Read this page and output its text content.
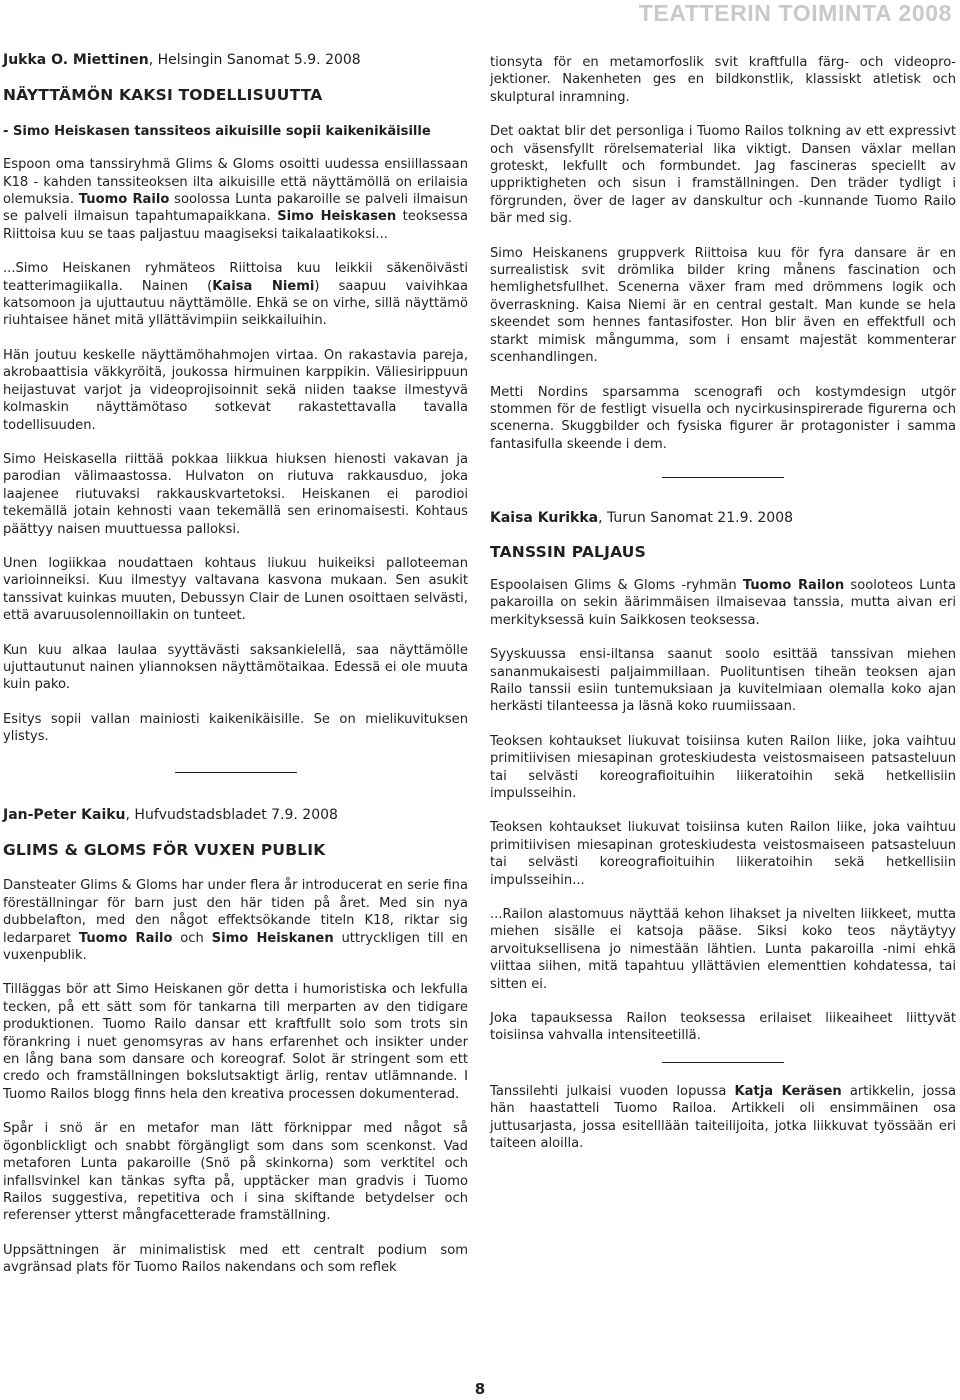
TEATTERIN TOIMINTA 2008

Jukka O. Miettinen, Helsingin Sanomat 5.9. 2008

NÄYTTÄMÖN KAKSI TODELLISUUTTA
- Simo Heiskasen tanssiteos aikuisille sopii kaikenikäisille

Espoon oma tanssiryhmä Glims & Gloms osoitti uudessa ensiillassaan K18 - kahden tanssiteoksen ilta aikuisille että näyttämöllä on erilaisia olemuksia. Tuomo Railo soolossa Lunta pakaroille se palveli ilmaisun se palveli ilmaisun tapahtumapaikkana. Simo Heiskasen teoksessa Riittoisa kuu se taas paljastuu maagiseksi taikalaatikoksi...

...Simo Heiskanen ryhmäteos Riittoisa kuu leikkii säkenöivästi teatterimagiikalla. Nainen (Kaisa Niemi) saapuu vaivihkaa katsomoon ja ujuttautuu näyttämölle. Ehkä se on virhe, sillä näyttämö riuhtaisee hänet mitä yllättävimpiin seikkailuihin.

Hän joutuu keskelle näyttämöhahmojen virtaa. On rakastavia pareja, akrobaattisia väkkyröitä, joukossa hirmuinen karppikin. Väliesirippuun heijastuvat varjot ja videoprojisoinnit sekä niiden taakse ilmestyvä kolmaskin näyttämötaso sotkevat rakastettavalla tavalla todellisuuden.

Simo Heiskasella riittää pokkaa liikkua hiuksen hienosti vakavan ja parodian välimaastossa. Hulvaton on riutuva rakkausduo, joka laajenee riutuvaksi rakkauskvartetoksi. Heiskanen ei parodioi tekemällä jotain kehnosti vaan tekemällä sen erinomaisesti. Kohtaus päättyy naisen muuttuessa palloksi.

Unen logiikkaa noudattaen kohtaus liukuu huikeiksi palloteеman varioinneiksi. Kuu ilmestyy valtavana kasvona mukaan. Sen asukit tanssivat kuinkas muuten, Debussyn Clair de Lunen osoittaen selvästi, että avaruusolennoillakin on tunteet.

Kun kuu alkaa laulaa syyttävästi saksankielellä, saa näyttämölle ujuttautunut nainen yliannoksen näyttämötaikaa. Edessä ei ole muuta kuin pako.

Esitys sopii vallan mainiosti kaikenikäisille. Se on mielikuvituksen ylistys.

Jan-Peter Kaiku, Hufvudstadsbladet 7.9. 2008

GLIMS & GLOMS FÖR VUXEN PUBLIK

Dansteater Glims & Gloms har under flera år introducerat en serie fina föreställningar för barn just den här tiden på året. Med sin nya dubbelafton, med den något effektsökande titeln K18, riktar sig ledarparet Tuomo Railo och Simo Heiskanen uttryckligen till en vuxenpublik.

Tilläggas bör att Simo Heiskanen gör detta i humoristiska och lekfulla tecken, på ett sätt som för tankarna till merparten av den tidigare produktionen. Tuomo Railo dansar ett kraftfullt solo som trots sin förankring i nuet genomsyras av hans erfarenhet och insikter under en lång bana som dansare och koreograf. Solot är stringent som ett credo och framställningen bokslutsaktigt ärlig, rentav utlämnande. I Tuomo Railos blogg finns hela den kreativa processen dokumenterad.

Spår i snö är en metafor man lätt förknippar med något så ögonblickligt och snabbt förgängligt som dans som scenkonst. Vad metaforen Lunta pakaroille (Snö på skinkorna) som verktitel och infallsvinkel kan tänkas syfta på, upptäcker man gradvis i Tuomo Railos suggestiva, repetitiva och i sina skiftande betydelser och referenser ytterst mångfacetterade framställning.

Uppsättningen är minimalistisk med ett centralt podium som avgränsad plats för Tuomo Railos nakendans och som reflek

tionsyta för en metamorfoslik svit kraftfulla färg- och videoprojektioner. Nakenheten ges en bildkonstlik, klassiskt atletisk och skulptural inramning.

Det oaktat blir det personliga i Tuomo Railos tolkning av ett expressivt och väsensfyllt rörelsematerial lika viktigt. Dansen växlar mellan groteskt, lekfullt och formbundet. Jag fascineras speciellt av uppriktigheten och sisun i framställningen. Den träder tydligt i förgrunden, över de lager av danskultur och -kunnande Tuomo Railo bär med sig.

Simo Heiskanens gruppverk Riittoisa kuu för fyra dansare är en surrealistisk svit drömlika bilder kring månens fascination och hemlighetsfullhet. Scenerna växer fram med drömmens logik och överraskning. Kaisa Niemi är en central gestalt. Man kunde se hela skeendet som hennes fantasifoster. Hon blir även en effektfull och starkt mimisk mångumma, som i ensamt majestät kommenterar scenhandlingen.

Metti Nordins sparsamma scenografi och kostymdesign utgör stommen för de festligt visuella och nycirkusinspirerade figurerna och scenerna. Skuggbilder och fysiska figurer är protagonister i samma fantasifulla skeende i dem.

Kaisa Kurikka, Turun Sanomat 21.9. 2008

TANSSIN PALJAUS

Espoolaisen Glims & Gloms -ryhmän Tuomo Railon sooloteos Lunta pakaroilla on sekin äärimmäisen ilmaisevaa tanssia, mutta aivan eri merkityksessä kuin Saikkosen teoksessa.

Syyskuussa ensi-iltansa saanut soolo esittää tanssivan miehen sananmukaisesti paljaimmillaan. Puolituntisen tiheän teoksen ajan Railo tanssii esiin tuntemuksiaan ja kuvitelmiaan olemalla koko ajan herkästi tilanteessa ja läsnä koko ruumiissaan.

Teoksen kohtaukset liukuvat toisiinsa kuten Railon liike, joka vaihtuu primitiivisen miesapinan groteskiudesta veistosmaiseen patsasteluun tai selvästi koreografioituihin liikeratoihin sekä hetkellisiin impulsseihin.

Teoksen kohtaukset liukuvat toisiinsa kuten Railon liike, joka vaihtuu primitiivisen miesapinan groteskiudesta veistosmaiseen patsasteluun tai selvästi koreografioituihin liikeratoihin sekä hetkellisiin impulsseihin...

...Railon alastomuus näyttää kehon lihakset ja nivelten liikkeet, mutta miehen sisälle ei katsoja pääse. Siksi koko teos näytäytyy arvoituksellisena jo nimestään lähtien. Lunta pakaroilla -nimi ehkä viittaa siihen, mitä tapahtuu yllättävien elementtien kohdatessa, tai sitten ei.

Joka tapauksessa Railon teoksessa erilaiset liikeaiheet liittyvät toisiinsa vahvalla intensiteetillä.

Tanssilehti julkaisi vuoden lopussa Katja Keräsen artikkelin, jossa hän haastatteli Tuomo Railoa. Artikkeli oli ensimmäinen osa juttusarjasta, jossa esitelllään taiteilijoita, jotka liikkuvat työssään eri taiteen aloilla.

8
